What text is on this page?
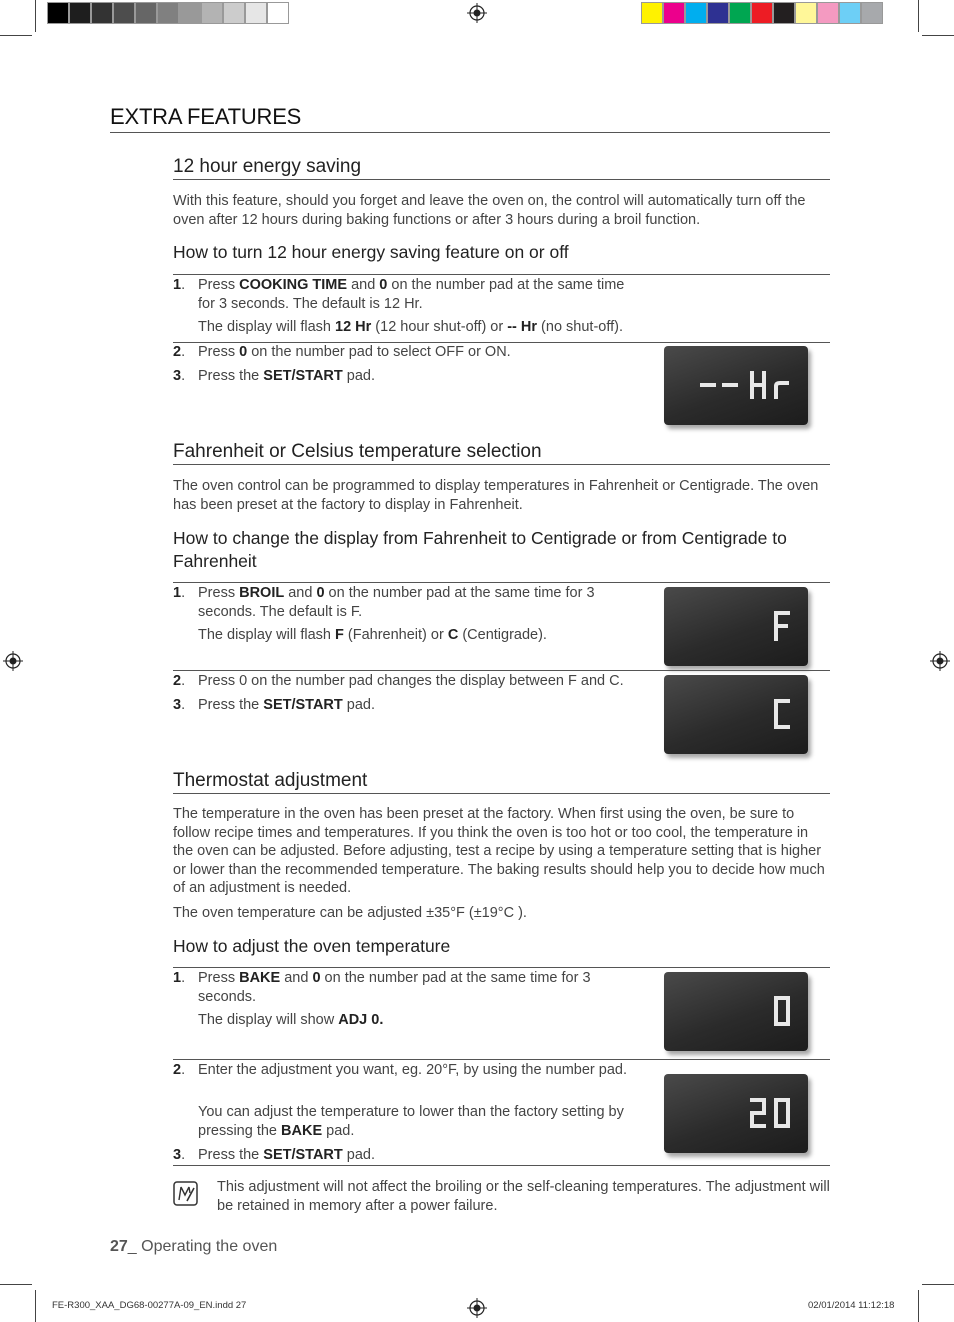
EXTRA FEATURES
12 hour energy saving
With this feature, should you forget and leave the oven on, the control will automatically turn off the oven after 12 hours during baking functions or after 3 hours during a broil function.
How to turn 12 hour energy saving feature on or off
1. Press COOKING TIME and 0 on the number pad at the same time for 3 seconds. The default is 12 Hr.
The display will flash 12 Hr (12 hour shut-off) or -- Hr (no shut-off).
2. Press 0 on the number pad to select OFF or ON.
3. Press the SET/START pad.
--Hr
Fahrenheit or Celsius temperature selection
The oven control can be programmed to display temperatures in Fahrenheit or Centigrade. The oven has been preset at the factory to display in Fahrenheit.
How to change the display from Fahrenheit to Centigrade or from Centigrade to Fahrenheit
1. Press BROIL and 0 on the number pad at the same time for 3 seconds. The default is F.
The display will flash F (Fahrenheit) or C (Centigrade).
F
2. Press 0 on the number pad changes the display between F and C.
3. Press the SET/START pad.
C
Thermostat adjustment
The temperature in the oven has been preset at the factory. When first using the oven, be sure to follow recipe times and temperatures. If you think the oven is too hot or too cool, the temperature in the oven can be adjusted. Before adjusting, test a recipe by using a temperature setting that is higher or lower than the recommended temperature. The baking results should help you to decide how much of an adjustment is needed.
The oven temperature can be adjusted ±35°F (±19°C ).
How to adjust the oven temperature
1. Press BAKE and 0 on the number pad at the same time for 3 seconds.
The display will show ADJ 0.
0
2. Enter the adjustment you want, eg. 20°F, by using the number pad.
You can adjust the temperature to lower than the factory setting by pressing the BAKE pad.
3. Press the SET/START pad.
20
This adjustment will not affect the broiling or the self-cleaning temperatures. The adjustment will be retained in memory after a power failure.
27_ Operating the oven
FE-R300_XAA_DG68-00277A-09_EN.indd 27	02/01/2014 11:12:18
